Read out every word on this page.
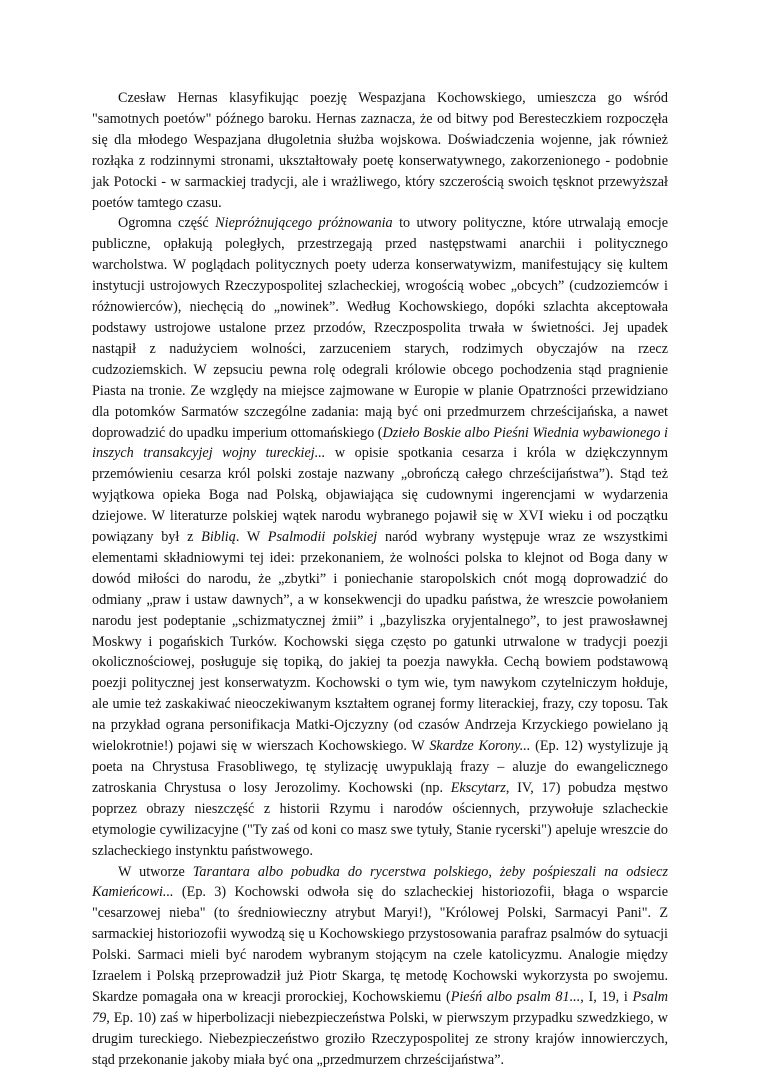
Czesław Hernas klasyfikując poezję Wespazjana Kochowskiego, umieszcza go wśród "samotnych poetów" późnego baroku. Hernas zaznacza, że od bitwy pod Beresteczkiem rozpoczęła się dla młodego Wespazjana długoletnia służba wojskowa. Doświadczenia wojenne, jak również rozłąka z rodzinnymi stronami, ukształtowały poetę konserwatywnego, zakorzenionego - podobnie jak Potocki - w sarmackiej tradycji, ale i wrażliwego, który szczerością swoich tęsknot przewyższał poetów tamtego czasu.

Ogromna część Niepróżnującego próżnowania to utwory polityczne, które utrwalają emocje publiczne, opłakują poległych, przestrzegają przed następstwami anarchii i politycznego warcholstwa. W poglądach politycznych poety uderza konserwatywizm, manifestujący się kultem instytucji ustrojowych Rzeczypospolitej szlacheckiej, wrogością wobec „obcych” (cudzoziemców i różnowierców), niechęcią do „nowinek”. Według Kochowskiego, dopóki szlachta akceptowała podstawy ustrojowe ustalone przez przodów, Rzeczpospolita trwała w świetności. Jej upadek nastąpił z nadużyciem wolności, zarzuceniem starych, rodzimych obyczajów na rzecz cudzoziemskich. W zepsuciu pewna rolę odegrali królowie obcego pochodzenia stąd pragnienie Piasta na tronie. Ze względy na miejsce zajmowane w Europie w planie Opatrzności przewidziano dla potomków Sarmatów szczególne zadania: mają być oni przedmurzem chrześcijańska, a nawet doprowadzić do upadku imperium ottomańskiego (Dzieło Boskie albo Pieśni Wiednia wybawionego i inszych transakcyjej wojny tureckiej... w opisie spotkania cesarza i króla w dziękczynnym przemówieniu cesarza król polski zostaje nazwany „obrończą całego chrześcijaństwa”). Stąd też wyjątkowa opieka Boga nad Polską, objawiająca się cudownymi ingerencjami w wydarzenia dziejowe. W literaturze polskiej wątek narodu wybranego pojawił się w XVI wieku i od początku powiązany był z Biblią. W Psalmodii polskiej naród wybrany występuje wraz ze wszystkimi elementami składniowymi tej idei: przekonaniem, że wolności polska to klejnot od Boga dany w dowód miłości do narodu, że „zbytki” i poniechanie staropolskich cnót mogą doprowadzić do odmiany „praw i ustaw dawnych”, a w konsekwencji do upadku państwa, że wreszcie powołaniem narodu jest podeptanie „schizmatycznej żmii” i „bazyliszka oryjentalnego”, to jest prawosławnej Moskwy i pogańskich Turków. Kochowski sięga często po gatunki utrwalone w tradycji poezji okolicznościowej, posługuje się topiką, do jakiej ta poezja nawykła. Cechą bowiem podstawową poezji politycznej jest konserwatyzm. Kochowski o tym wie, tym nawykom czytelniczym hołduje, ale umie też zaskakiwać nieoczekiwanym kształtem ogranej formy literackiej, frazy, czy toposu. Tak na przykład ograna personifikacja Matki-Ojczyzny (od czasów Andrzeja Krzyckiego powielano ją wielokrotnie!) pojawi się w wierszach Kochowskiego. W Skardze Korony... (Ep. 12) wystylizuje ją poeta na Chrystusa Frasobliwego, tę stylizację uwypuklają frazy – aluzje do ewangelicznego zatroskania Chrystusa o losy Jerozolimy. Kochowski (np. Ekscytarz, IV, 17) pobudza męstwo poprzez obrazy nieszczęść z historii Rzymu i narodów ościennych, przywołuje szlacheckie etymologie cywilizacyjne ("Ty zaś od koni co masz swe tytuły, Stanie rycerski") apeluje wreszcie do szlacheckiego instynktu państwowego.

W utworze Tarantara albo pobudka do rycerstwa polskiego, żeby pośpieszali na odsiecz Kamieńcowi... (Ep. 3) Kochowski odwoła się do szlacheckiej historiozofii, błaga o wsparcie "cesarzowej nieba" (to średniowieczny atrybut Maryi!), "Królowej Polski, Sarmacyi Pani". Z sarmackiej historiozofii wywodzą się u Kochowskiego przystosowania parafraz psalmów do sytuacji Polski. Sarmaci mieli być narodem wybranym stojącym na czele katolicyzmu. Analogie między Izraelem i Polską przeprowadził już Piotr Skarga, tę metodę Kochowski wykorzysta po swojemu. Skardze pomagała ona w kreacji prorockiej, Kochowskiemu (Pieśń albo psalm 81..., I, 19, i Psalm 79, Ep. 10) zaś w hiperbolizacji niebezpieczeństwa Polski, w pierwszym przypadku szwedzkiego, w drugim tureckiego. Niebezpieczeństwo groziło Rzeczypospolitej ze strony krajów innowierczych, stąd przekonanie jakoby miała być ona „przedmurzem chrześcijaństwa”.
